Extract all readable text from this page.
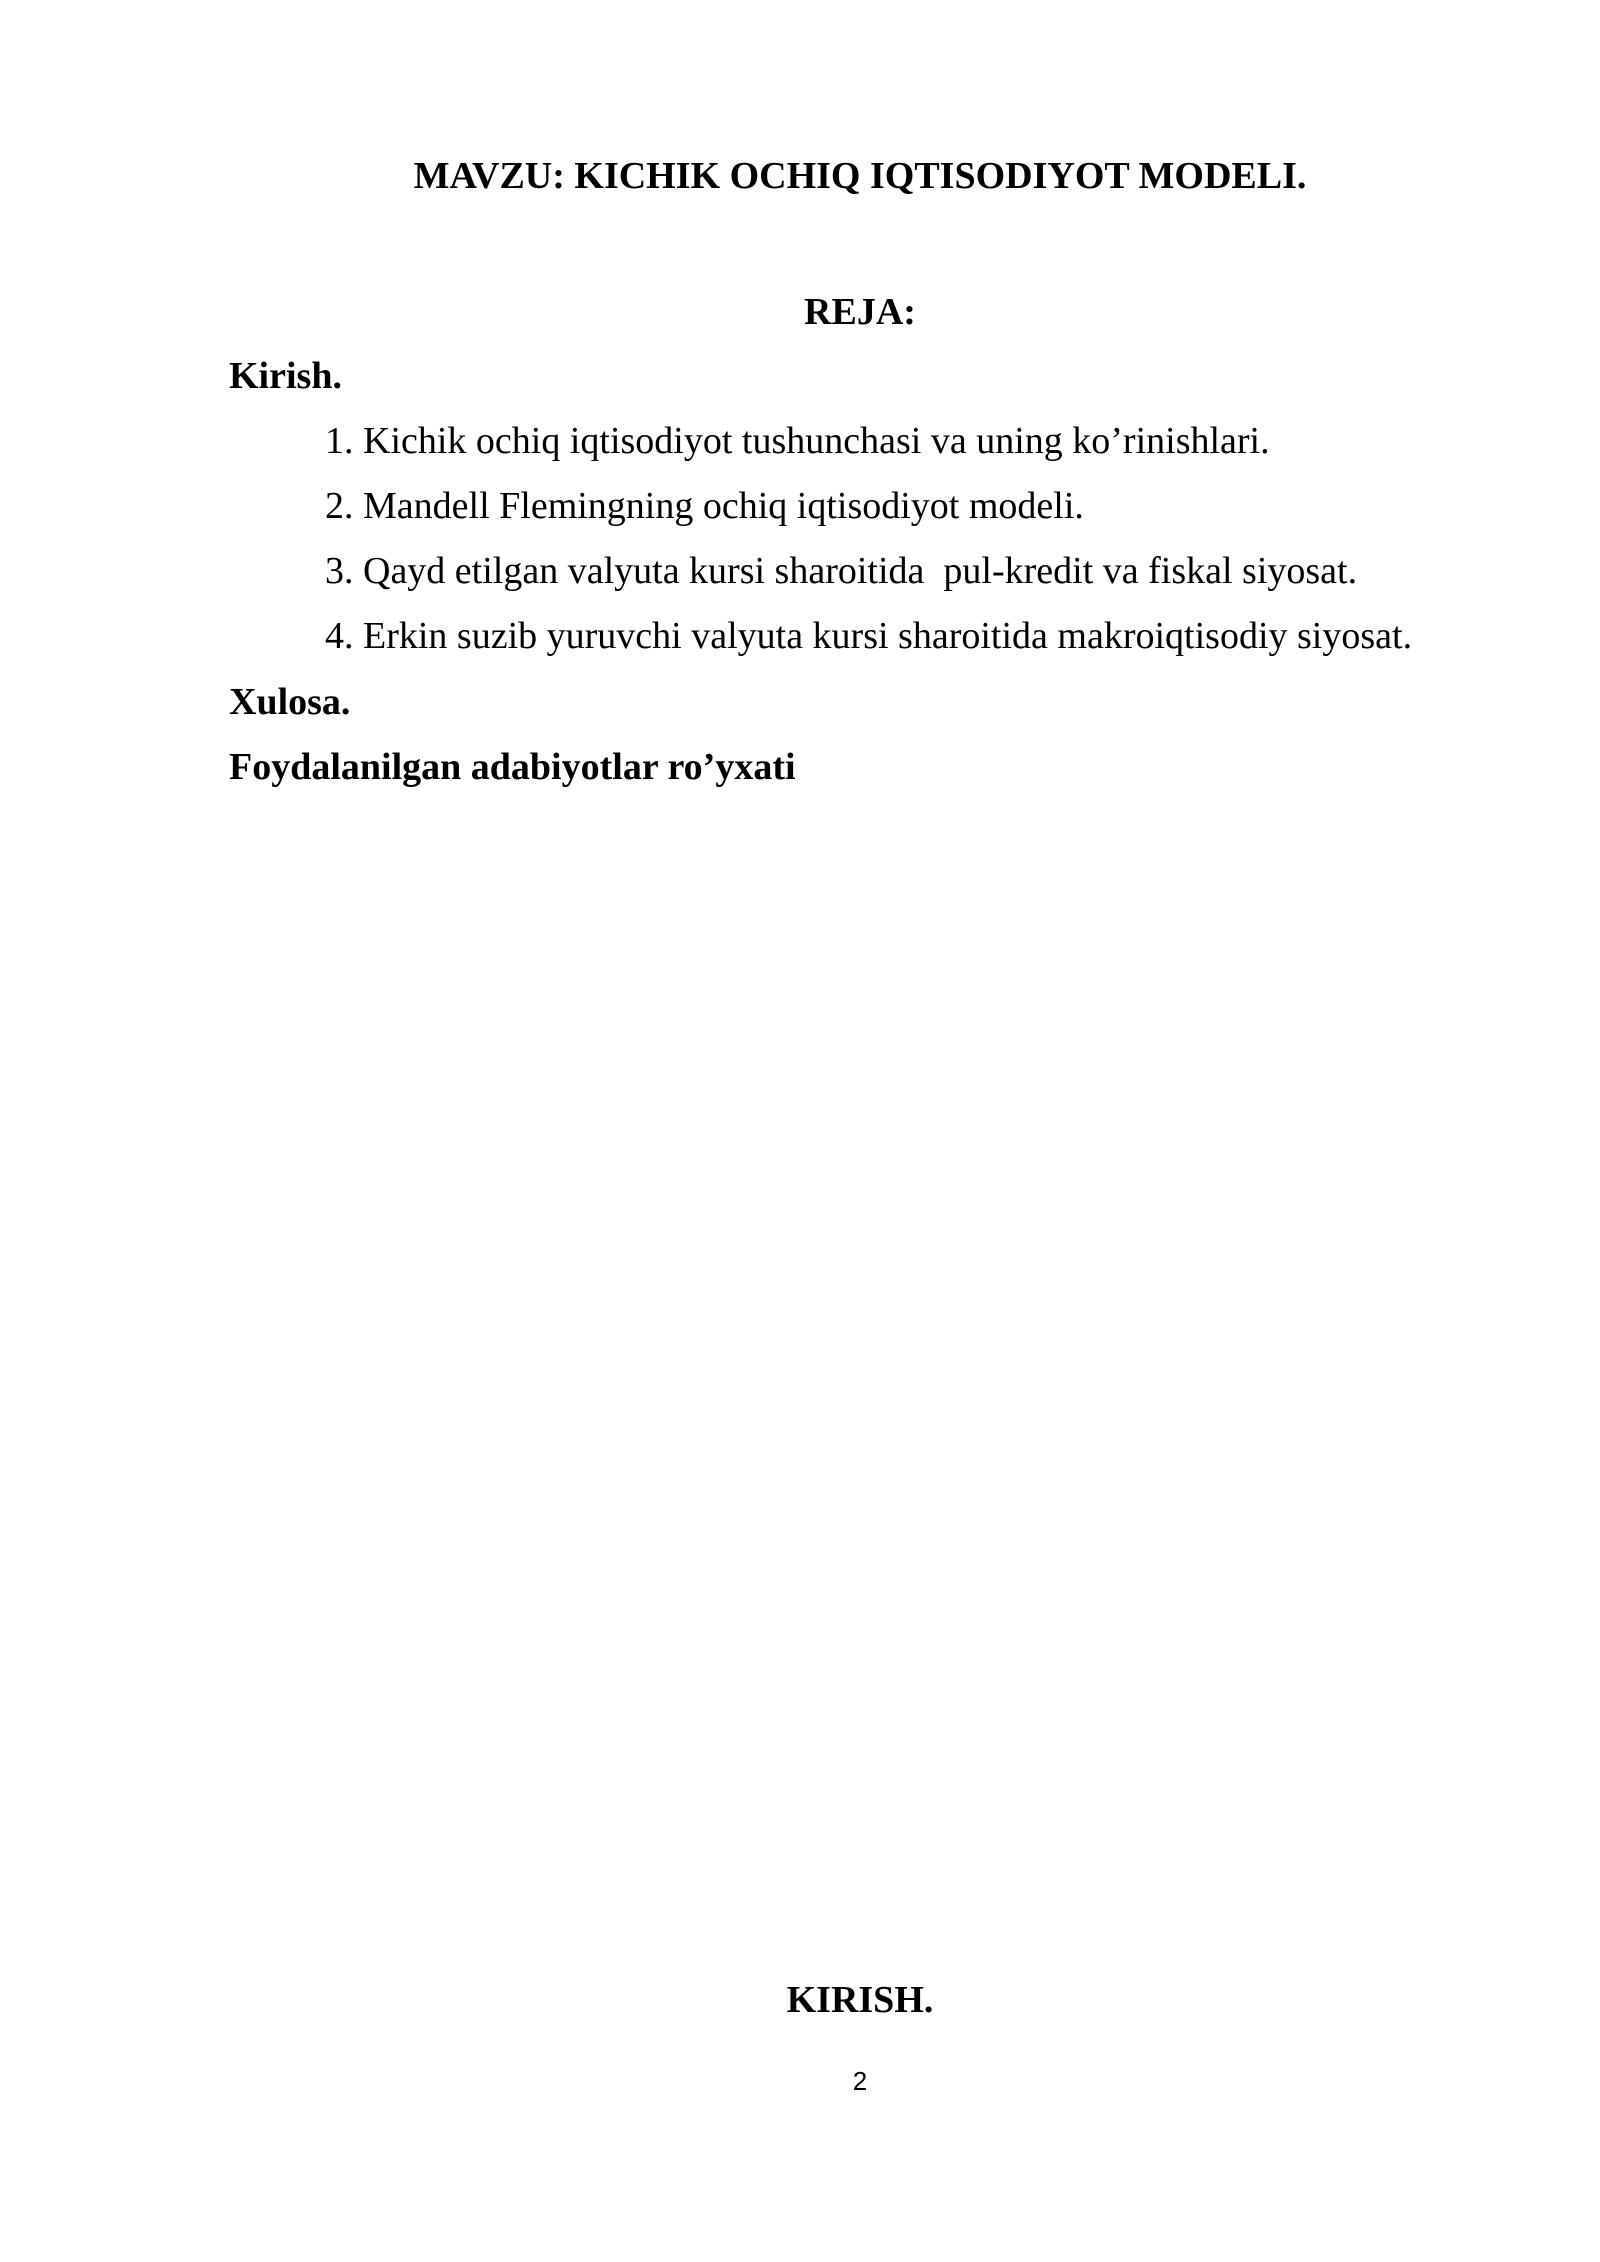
MAVZU: KICHIK OCHIQ IQTISODIYOT MODELI.
REJA:

Kirish.

1. Kichik ochiq iqtisodiyot tushunchasi va uning ko’rinishlari.
2. Mandell Flemingning ochiq iqtisodiyot modeli.
3. Qayd etilgan valyuta kursi sharoitida  pul-kredit va fiskal siyosat.
4. Erkin suzib yuruvchi valyuta kursi sharoitida makroiqtisodiy siyosat.

Xulosa.

Foydalanilgan adabiyotlar ro’yxati

KIRISH.
2
